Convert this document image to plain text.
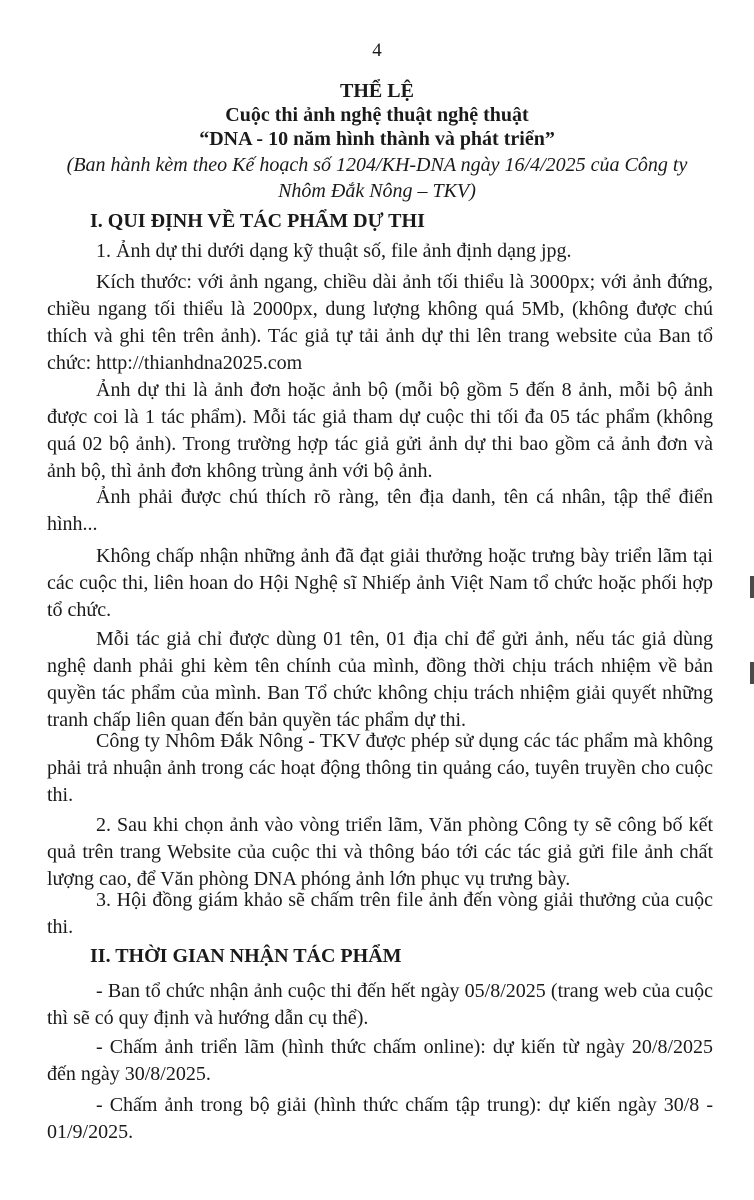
4
THỂ LỆ
Cuộc thi ảnh nghệ thuật nghệ thuật
“DNA - 10 năm hình thành và phát triển”
(Ban hành kèm theo Kế hoạch số 1204/KH-DNA ngày 16/4/2025 của Công ty
Nhôm Đắk Nông – TKV)
I. QUI ĐỊNH VỀ TÁC PHẨM DỰ THI

1. Ảnh dự thi dưới dạng kỹ thuật số, file ảnh định dạng jpg.

Kích thước: với ảnh ngang, chiều dài ảnh tối thiểu là 3000px; với ảnh đứng, chiều ngang tối thiểu là 2000px, dung lượng không quá 5Mb, (không được chú thích và ghi tên trên ảnh). Tác giả tự tải ảnh dự thi lên trang website của Ban tổ chức: http://thianhdna2025.com

Ảnh dự thi là ảnh đơn hoặc ảnh bộ (mỗi bộ gồm 5 đến 8 ảnh, mỗi bộ ảnh được coi là 1 tác phẩm). Mỗi tác giả tham dự cuộc thi tối đa 05 tác phẩm (không quá 02 bộ ảnh). Trong trường hợp tác giả gửi ảnh dự thi bao gồm cả ảnh đơn và ảnh bộ, thì ảnh đơn không trùng ảnh với bộ ảnh.

Ảnh phải được chú thích rõ ràng, tên địa danh, tên cá nhân, tập thể điển hình...

Không chấp nhận những ảnh đã đạt giải thưởng hoặc trưng bày triển lãm tại các cuộc thi, liên hoan do Hội Nghệ sĩ Nhiếp ảnh Việt Nam tổ chức hoặc phối hợp tổ chức.

Mỗi tác giả chỉ được dùng 01 tên, 01 địa chỉ để gửi ảnh, nếu tác giả dùng nghệ danh phải ghi kèm tên chính của mình, đồng thời chịu trách nhiệm về bản quyền tác phẩm của mình. Ban Tổ chức không chịu trách nhiệm giải quyết những tranh chấp liên quan đến bản quyền tác phẩm dự thi.

Công ty Nhôm Đắk Nông - TKV được phép sử dụng các tác phẩm mà không phải trả nhuận ảnh trong các hoạt động thông tin quảng cáo, tuyên truyền cho cuộc thi.

2. Sau khi chọn ảnh vào vòng triển lãm, Văn phòng Công ty sẽ công bố kết quả trên trang Website của cuộc thi và thông báo tới các tác giả gửi file ảnh chất lượng cao, để Văn phòng DNA phóng ảnh lớn phục vụ trưng bày.

3. Hội đồng giám khảo sẽ chấm trên file ảnh đến vòng giải thưởng của cuộc thi.

II. THỜI GIAN NHẬN TÁC PHẨM

- Ban tổ chức nhận ảnh cuộc thi đến hết ngày 05/8/2025 (trang web của cuộc thì sẽ có quy định và hướng dẫn cụ thể).

- Chấm ảnh triển lãm (hình thức chấm online): dự kiến từ ngày 20/8/2025 đến ngày 30/8/2025.

- Chấm ảnh trong bộ giải (hình thức chấm tập trung): dự kiến ngày 30/8 - 01/9/2025.
